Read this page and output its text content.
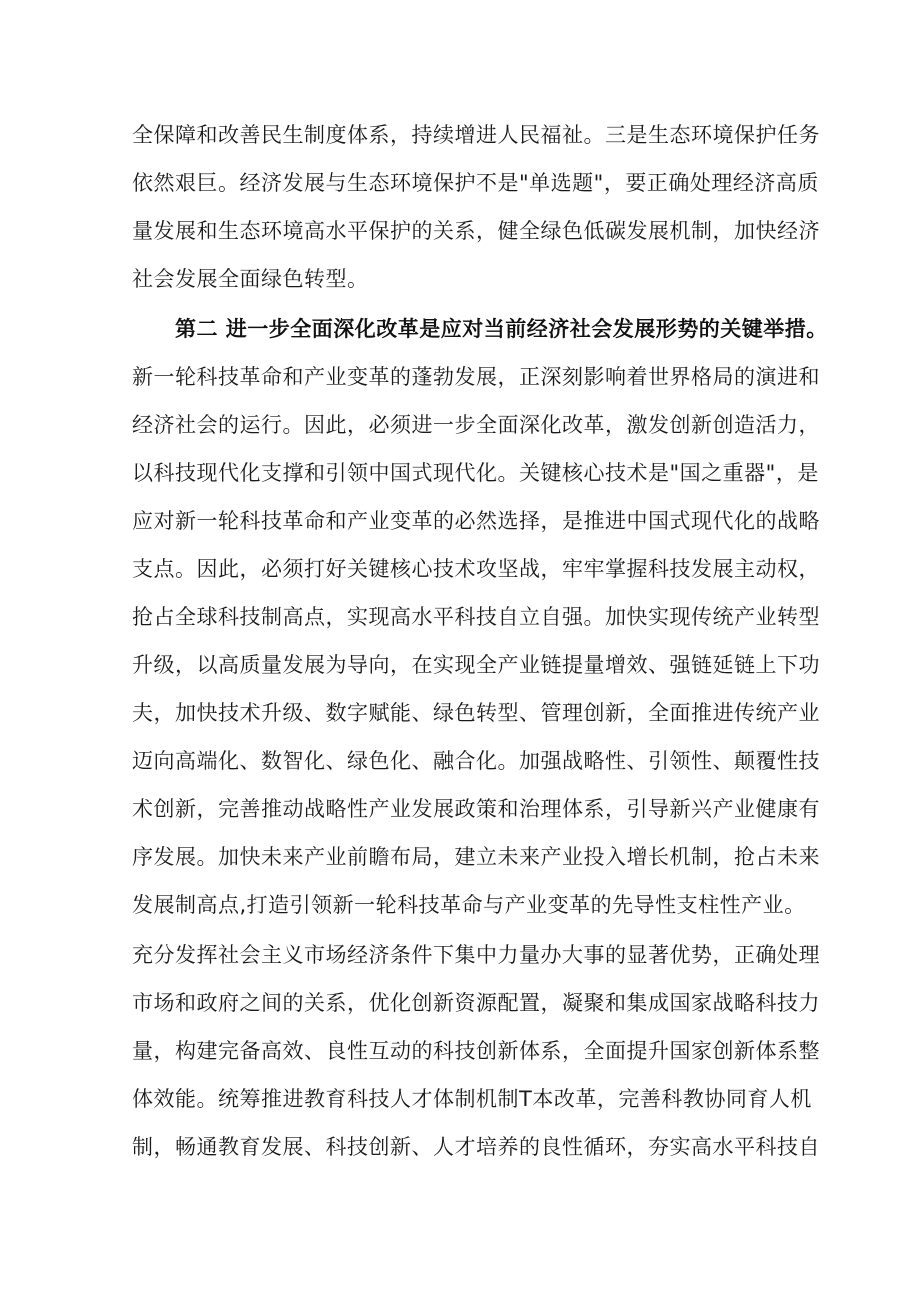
全保障和改善民生制度体系，持续增进人民福祉。三是生态环境保护任务
依然艰巨。经济发展与生态环境保护不是"单选题"，要正确处理经济高质
量发展和生态环境高水平保护的关系，健全绿色低碳发展机制，加快经济
社会发展全面绿色转型。
第二 进一步全面深化改革是应对当前经济社会发展形势的关键举措。
新一轮科技革命和产业变革的蓬勃发展，正深刻影响着世界格局的演进和
经济社会的运行。因此，必须进一步全面深化改革，激发创新创造活力，
以科技现代化支撑和引领中国式现代化。关键核心技术是"国之重器"，是
应对新一轮科技革命和产业变革的必然选择，是推进中国式现代化的战略
支点。因此，必须打好关键核心技术攻坚战，牢牢掌握科技发展主动权，
抢占全球科技制高点，实现高水平科技自立自强。加快实现传统产业转型
升级，以高质量发展为导向，在实现全产业链提量增效、强链延链上下功
夫，加快技术升级、数字赋能、绿色转型、管理创新，全面推进传统产业
迈向高端化、数智化、绿色化、融合化。加强战略性、引领性、颠覆性技
术创新，完善推动战略性产业发展政策和治理体系，引导新兴产业健康有
序发展。加快未来产业前瞻布局，建立未来产业投入增长机制，抢占未来
发展制高点,打造引领新一轮科技革命与产业变革的先导性支柱性产业。
充分发挥社会主义市场经济条件下集中力量办大事的显著优势，正确处理
市场和政府之间的关系，优化创新资源配置，凝聚和集成国家战略科技力
量，构建完备高效、良性互动的科技创新体系，全面提升国家创新体系整
体效能。统筹推进教育科技人才体制机制T本改革，完善科教协同育人机
制，畅通教育发展、科技创新、人才培养的良性循环，夯实高水平科技自
